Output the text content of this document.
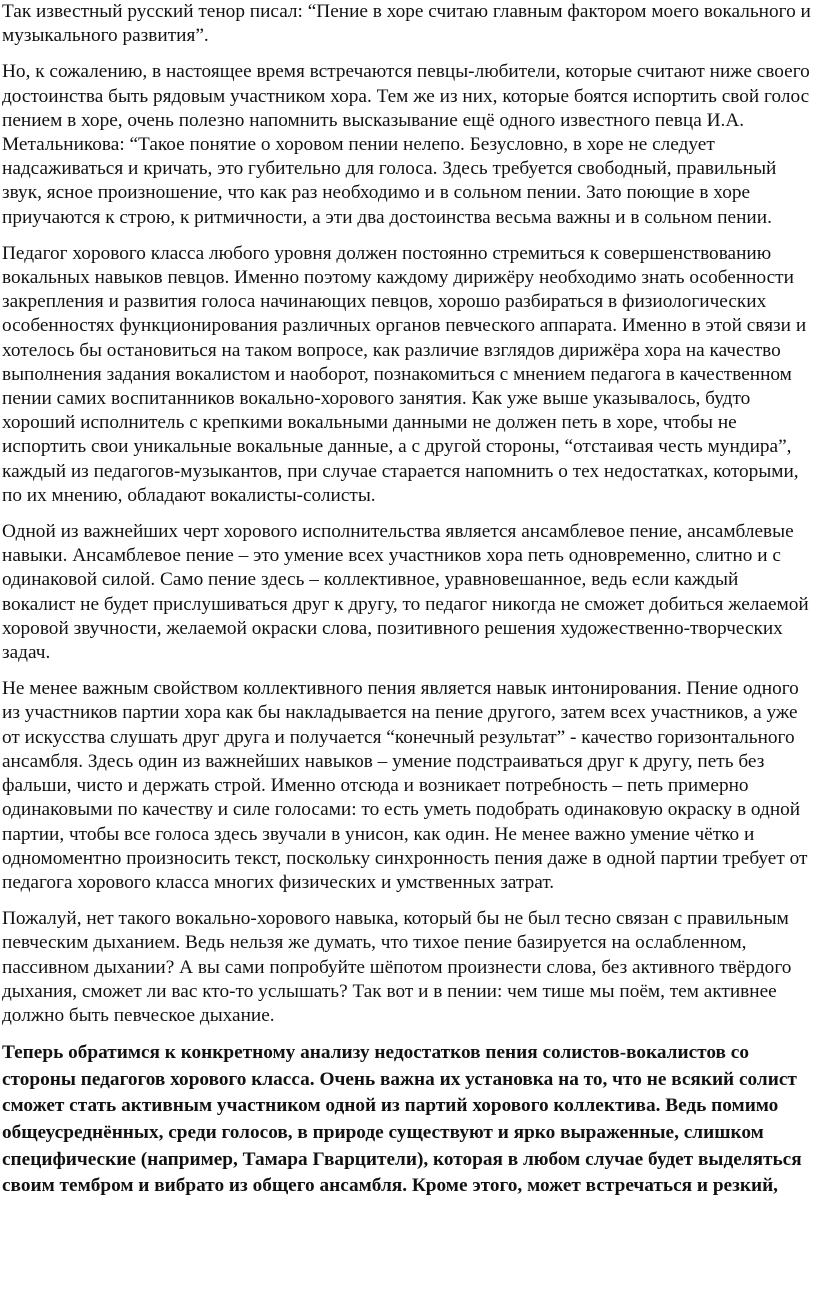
Так известный русский тенор писал: “Пение в хоре считаю главным фактором моего вокального и музыкального развития”.

Но, к сожалению, в настоящее время встречаются певцы-любители, которые считают ниже своего достоинства быть рядовым участником хора. Тем же из них, которые боятся испортить свой голос пением в хоре, очень полезно напомнить высказывание ещё одного известного певца И.А. Метальникова: “Такое понятие о хоровом пении нелепо. Безусловно, в хоре не следует надсаживаться и кричать, это губительно для голоса. Здесь требуется свободный, правильный звук, ясное произношение, что как раз необходимо и в сольном пении. Зато поющие в хоре приучаются к строю, к ритмичности, а эти два достоинства весьма важны и в сольном пении.

Педагог хорового класса любого уровня должен постоянно стремиться к совершенствованию вокальных навыков певцов. Именно поэтому каждому дирижёру необходимо знать особенности закрепления и развития голоса начинающих певцов, хорошо разбираться в физиологических особенностях функционирования различных органов певческого аппарата. Именно в этой связи и хотелось бы остановиться на таком вопросе, как различие взглядов дирижёра хора на качество выполнения задания вокалистом и наоборот, познакомиться с мнением педагога в качественном пении самих воспитанников вокально-хорового занятия. Как уже выше указывалось, будто хороший исполнитель с крепкими вокальными данными не должен петь в хоре, чтобы не испортить свои уникальные вокальные данные, а с другой стороны, “отстаивая честь мундира”, каждый из педагогов-музыкантов, при случае старается напомнить о тех недостатках, которыми, по их мнению, обладают вокалисты-солисты.

Одной из важнейших черт хорового исполнительства является ансамблевое пение, ансамблевые навыки. Ансамблевое пение – это умение всех участников хора петь одновременно, слитно и с одинаковой силой. Само пение здесь – коллективное, уравновешанное, ведь если каждый вокалист не будет прислушиваться друг к другу, то педагог никогда не сможет добиться желаемой хоровой звучности, желаемой окраски слова, позитивного решения художественно-творческих задач.

Не менее важным свойством коллективного пения является навык интонирования. Пение одного из участников партии хора как бы накладывается на пение другого, затем всех участников, а уже от искусства слушать друг друга и получается “конечный результат” - качество горизонтального ансамбля. Здесь один из важнейших навыков – умение подстраиваться друг к другу, петь без фальши, чисто и держать строй. Именно отсюда и возникает потребность – петь примерно одинаковыми по качеству и силе голосами: то есть уметь подобрать одинаковую окраску в одной партии, чтобы все голоса здесь звучали в унисон, как один. Не менее важно умение чётко и одномоментно произносить текст, поскольку синхронность пения даже в одной партии требует от педагога хорового класса многих физических и умственных затрат.

Пожалуй, нет такого вокально-хорового навыка, который бы не был тесно связан с правильным певческим дыханием. Ведь нельзя же думать, что тихое пение базируется на ослабленном, пассивном дыхании? А вы сами попробуйте шёпотом произнести слова, без активного твёрдого дыхания, сможет ли вас кто-то услышать? Так вот и в пении: чем тише мы поём, тем активнее должно быть певческое дыхание.

Теперь обратимся к конкретному анализу недостатков пения солистов-вокалистов со стороны педагогов хорового класса. Очень важна их установка на то, что не всякий солист сможет стать активным участником одной из партий хорового коллектива. Ведь помимо общеусреднённых, среди голосов, в природе существуют и ярко выраженные, слишком специфические (например, Тамара Гварцители), которая в любом случае будет выделяться своим тембром и вибрато из общего ансамбля. Кроме этого, может встречаться и резкий,
